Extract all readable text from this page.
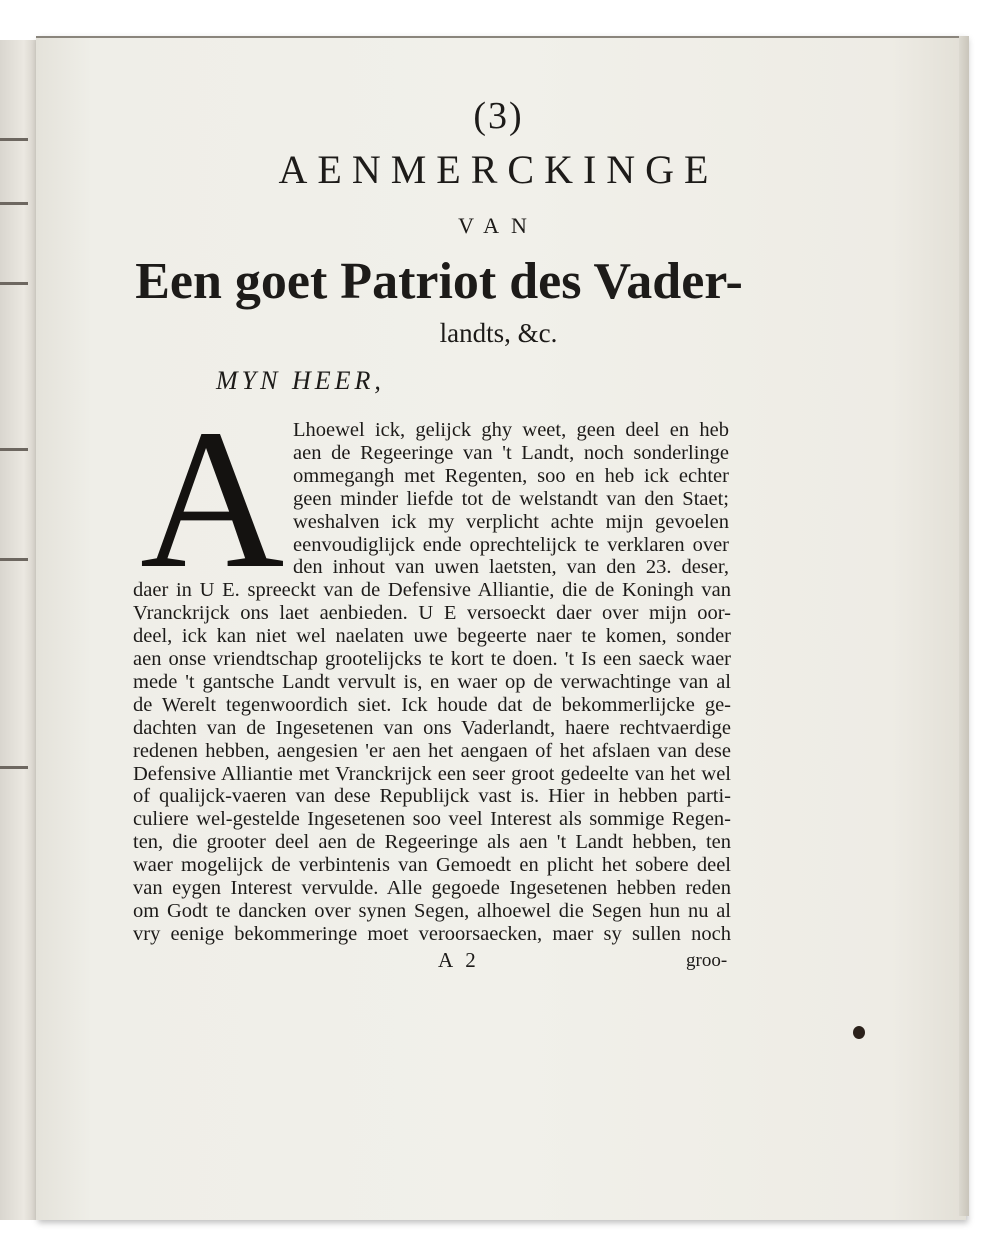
(3)
AENMERCKINGE
VAN
Een goet Patriot des Vader-
landts, &c.
MYN HEER,
A Lhoewel ick, gelijck ghy weet, geen deel en heb
aen de Regeeringe van 't Landt, noch sonderlinge
ommegangh met Regenten, soo en heb ick echter
geen minder liefde tot de welstandt van den Staet;
weshalven ick my verplicht achte mijn gevoelen
eenvoudiglijck ende oprechtelijck te verklaren over
den inhout van uwen laetsten, van den 23. deser,
daer in U E. spreeckt van de Defensive Alliantie, die de Koningh van
Vranckrijck ons laet aenbieden. U E versoeckt daer over mijn oor-
deel, ick kan niet wel naelaten uwe begeerte naer te komen, sonder
aen onse vriendtschap grootelijcks te kort te doen. 't Is een saeck waer
mede 't gantsche Landt vervult is, en waer op de verwachtinge van al
de Werelt tegenwoordich siet. Ick houde dat de bekommerlijcke ge-
dachten van de Ingesetenen van ons Vaderlandt, haere rechtvaerdige
redenen hebben, aengesien 'er aen het aengaen of het afslaen van dese
Defensive Alliantie met Vranckrijck een seer groot gedeelte van het wel
of qualijck-vaeren van dese Republijck vast is. Hier in hebben parti-
culiere wel-gestelde Ingesetenen soo veel Interest als sommige Regen-
ten, die grooter deel aen de Regeeringe als aen 't Landt hebben, ten
waer mogelijck de verbintenis van Gemoedt en plicht het sobere deel
van eygen Interest vervulde. Alle gegoede Ingesetenen hebben reden
om Godt te dancken over synen Segen, alhoewel die Segen hun nu al
A 2	groo-
vry eenige bekommeringe moet veroorsaecken, maer sy sullen noch
